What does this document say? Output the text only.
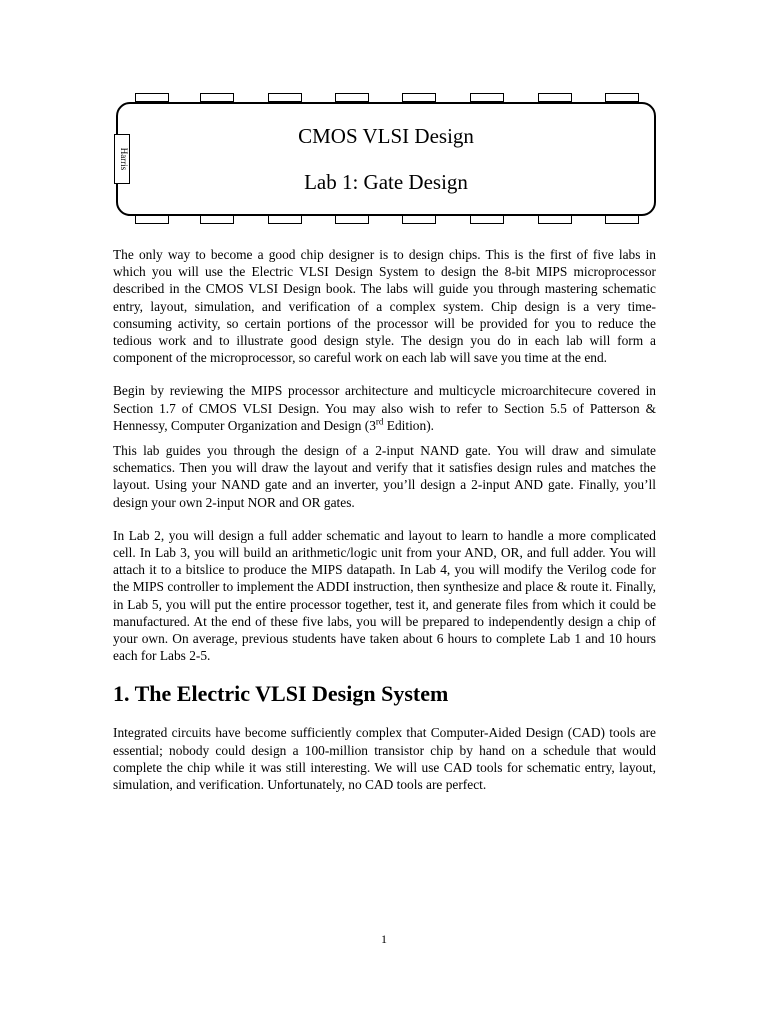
Harris
CMOS VLSI Design
Lab 1: Gate Design

The only way to become a good chip designer is to design chips. This is the first of five labs in which you will use the Electric VLSI Design System to design the 8-bit MIPS microprocessor described in the CMOS VLSI Design book. The labs will guide you through mastering schematic entry, layout, simulation, and verification of a complex system. Chip design is a very time-consuming activity, so certain portions of the processor will be provided for you to reduce the tedious work and to illustrate good design style. The design you do in each lab will form a component of the microprocessor, so careful work on each lab will save you time at the end.

Begin by reviewing the MIPS processor architecture and multicycle microarchitecure covered in Section 1.7 of CMOS VLSI Design. You may also wish to refer to Section 5.5 of Patterson & Hennessy, Computer Organization and Design (3rd Edition).

This lab guides you through the design of a 2-input NAND gate. You will draw and simulate schematics. Then you will draw the layout and verify that it satisfies design rules and matches the layout. Using your NAND gate and an inverter, you’ll design a 2-input AND gate. Finally, you’ll design your own 2-input NOR and OR gates.

In Lab 2, you will design a full adder schematic and layout to learn to handle a more complicated cell. In Lab 3, you will build an arithmetic/logic unit from your AND, OR, and full adder. You will attach it to a bitslice to produce the MIPS datapath. In Lab 4, you will modify the Verilog code for the MIPS controller to implement the ADDI instruction, then synthesize and place & route it. Finally, in Lab 5, you will put the entire processor together, test it, and generate files from which it could be manufactured. At the end of these five labs, you will be prepared to independently design a chip of your own. On average, previous students have taken about 6 hours to complete Lab 1 and 10 hours each for Labs 2-5.

1. The Electric VLSI Design System

Integrated circuits have become sufficiently complex that Computer-Aided Design (CAD) tools are essential; nobody could design a 100-million transistor chip by hand on a schedule that would complete the chip while it was still interesting. We will use CAD tools for schematic entry, layout, simulation, and verification. Unfortunately, no CAD tools are perfect.

1
